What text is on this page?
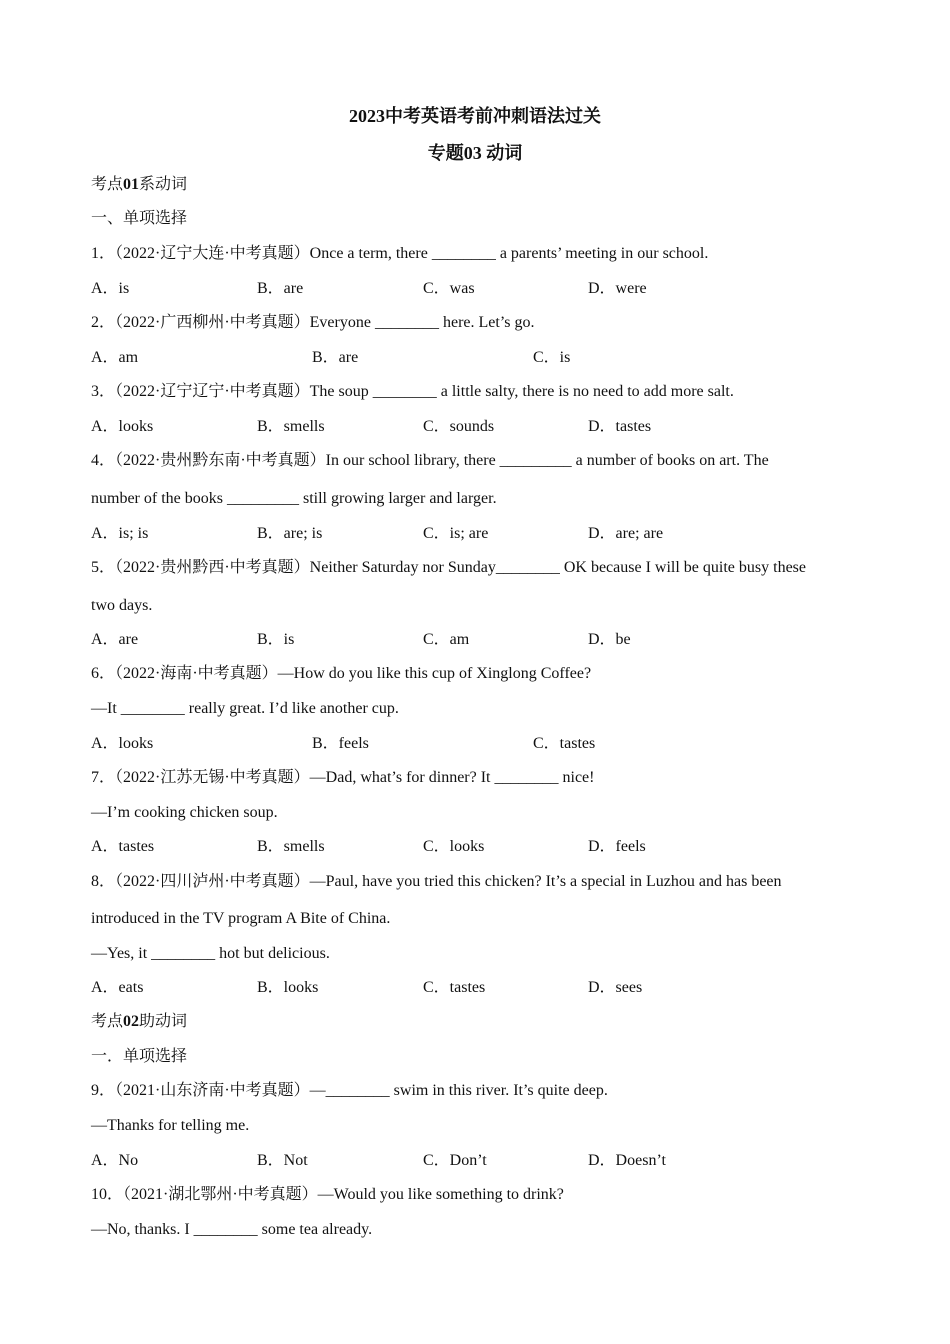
2023中考英语考前冲刺语法过关
专题03 动词
考点01系动词
一、单项选择
1．（2022·辽宁大连·中考真题）Once a term, there ________ a parents’ meeting in our school.
A．is	B．are	C．was	D．were
2．（2022·广西柳州·中考真题）Everyone ________ here. Let’s go.
A．am	B．are	C．is
3．（2022·辽宁辽宁·中考真题）The soup ________ a little salty, there is no need to add more salt.
A．looks	B．smells	C．sounds	D．tastes
4．（2022·贵州黔东南·中考真题）In our school library, there _________ a number of books on art. The
number of the books _________ still growing larger and larger.
A．is; is	B．are; is	C．is; are	D．are; are
5．（2022·贵州黔西·中考真题）Neither Saturday nor Sunday________ OK because I will be quite busy these
two days.
A．are	B．is	C．am	D．be
6．（2022·海南·中考真题）—How do you like this cup of Xinglong Coffee?
—It ________ really great. I’d like another cup.
A．looks	B．feels	C．tastes
7．（2022·江苏无锡·中考真题）—Dad, what’s for dinner? It ________ nice!
—I’m cooking chicken soup.
A．tastes	B．smells	C．looks	D．feels
8．（2022·四川泸州·中考真题）—Paul, have you tried this chicken? It’s a special in Luzhou and has been
introduced in the TV program A Bite of China.
—Yes, it ________ hot but delicious.
A．eats	B．looks	C．tastes	D．sees
考点02助动词
一．单项选择
9．（2021·山东济南·中考真题）—________ swim in this river. It’s quite deep.
—Thanks for telling me.
A．No	B．Not	C．Don’t	D．Doesn’t
10．（2021·湖北鄂州·中考真题）—Would you like something to drink?
—No, thanks. I ________ some tea already.
